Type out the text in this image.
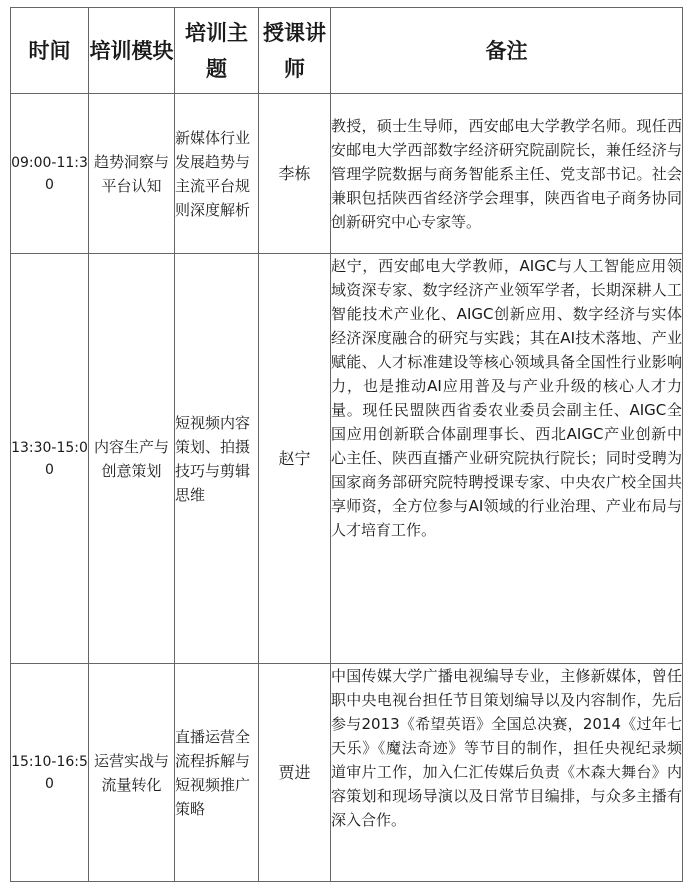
时间	培训模块	培训主题	授课讲师	备注
09:00-11:30	趋势洞察与平台认知	新媒体行业发展趋势与主流平台规则深度解析	李栋	教授，硕士生导师，西安邮电大学教学名师。现任西安邮电大学西部数字经济研究院副院长，兼任经济与管理学院数据与商务智能系主任、党支部书记。社会兼职包括陕西省经济学会理事，陕西省电子商务协同创新研究中心专家等。
13:30-15:00	内容生产与创意策划	短视频内容策划、拍摄技巧与剪辑思维	赵宁	赵宁，西安邮电大学教师，AIGC与人工智能应用领域资深专家、数字经济产业领军学者，长期深耕人工智能技术产业化、AIGC创新应用、数字经济与实体经济深度融合的研究与实践；其在AI技术落地、产业赋能、人才标准建设等核心领域具备全国性行业影响力，也是推动AI应用普及与产业升级的核心人才力量。现任民盟陕西省委农业委员会副主任、AIGC全国应用创新联合体副理事长、西北AIGC产业创新中心主任、陕西直播产业研究院执行院长；同时受聘为国家商务部研究院特聘授课专家、中央农广校全国共享师资，全方位参与AI领域的行业治理、产业布局与人才培育工作。
15:10-16:50	运营实战与流量转化	直播运营全流程拆解与短视频推广策略	贾进	中国传媒大学广播电视编导专业，主修新媒体，曾任职中央电视台担任节目策划编导以及内容制作，先后参与2013《希望英语》全国总决赛，2014《过年七天乐》《魔法奇迹》等节目的制作，担任央视纪录频道审片工作，加入仁汇传媒后负责《木森大舞台》内容策划和现场导演以及日常节目编排，与众多主播有深入合作。
